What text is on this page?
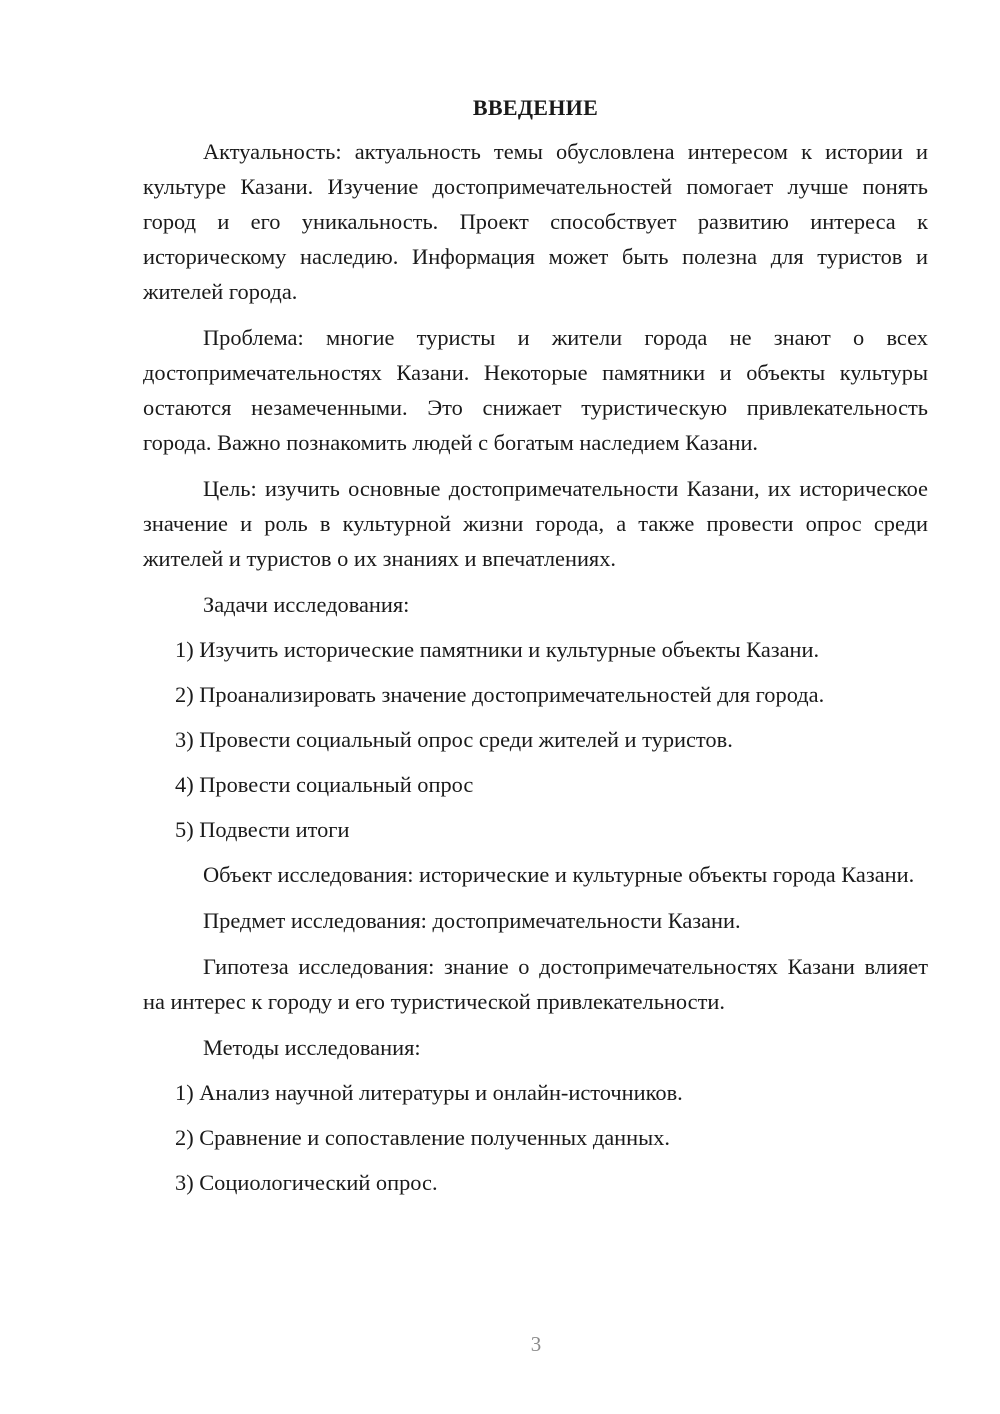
ВВЕДЕНИЕ

Актуальность: актуальность темы обусловлена интересом к истории и культуре Казани. Изучение достопримечательностей помогает лучше понять город и его уникальность. Проект способствует развитию интереса к историческому наследию. Информация может быть полезна для туристов и жителей города.

Проблема: многие туристы и жители города не знают о всех достопримечательностях Казани. Некоторые памятники и объекты культуры остаются незамеченными. Это снижает туристическую привлекательность города. Важно познакомить людей с богатым наследием Казани.

Цель: изучить основные достопримечательности Казани, их историческое значение и роль в культурной жизни города, а также провести опрос среди жителей и туристов о их знаниях и впечатлениях.

Задачи исследования:

1) Изучить исторические памятники и культурные объекты Казани.

2) Проанализировать значение достопримечательностей для города.

3) Провести социальный опрос среди жителей и туристов.

4) Провести социальный опрос

5) Подвести итоги

Объект исследования: исторические и культурные объекты города Казани.

Предмет исследования: достопримечательности Казани.

Гипотеза исследования: знание о достопримечательностях Казани влияет на интерес к городу и его туристической привлекательности.

Методы исследования:

1) Анализ научной литературы и онлайн-источников.

2) Сравнение и сопоставление полученных данных.

3) Социологический опрос.

3
